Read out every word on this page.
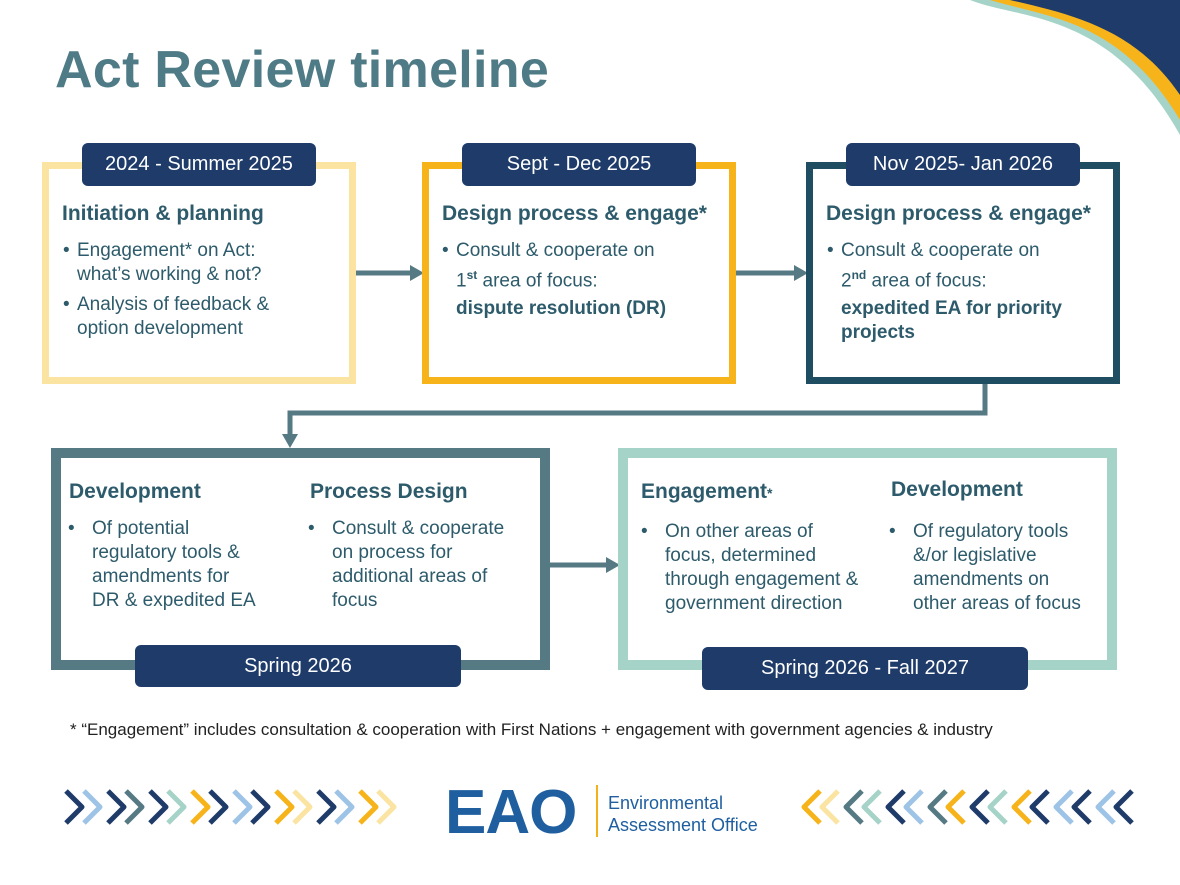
Act Review timeline
2024 - Summer 2025
Initiation & planning
• Engagement* on Act:
what’s working & not?
• Analysis of feedback &
option development
Sept - Dec 2025
Design process & engage*
• Consult & cooperate on
1st area of focus:
dispute resolution (DR)
Nov 2025- Jan 2026
Design process & engage*
• Consult & cooperate on
2nd area of focus:
expedited EA for priority
projects
Development
• Of potential
regulatory tools &
amendments for
DR & expedited EA
Process Design
• Consult & cooperate
on process for
additional areas of
focus
Spring 2026
Engagement*
• On other areas of
focus, determined
through engagement &
government direction
Development
• Of regulatory tools
&/or legislative
amendments on
other areas of focus
Spring 2026 - Fall 2027
* “Engagement” includes consultation & cooperation with First Nations + engagement with government agencies & industry
EAO Environmental
Assessment Office
